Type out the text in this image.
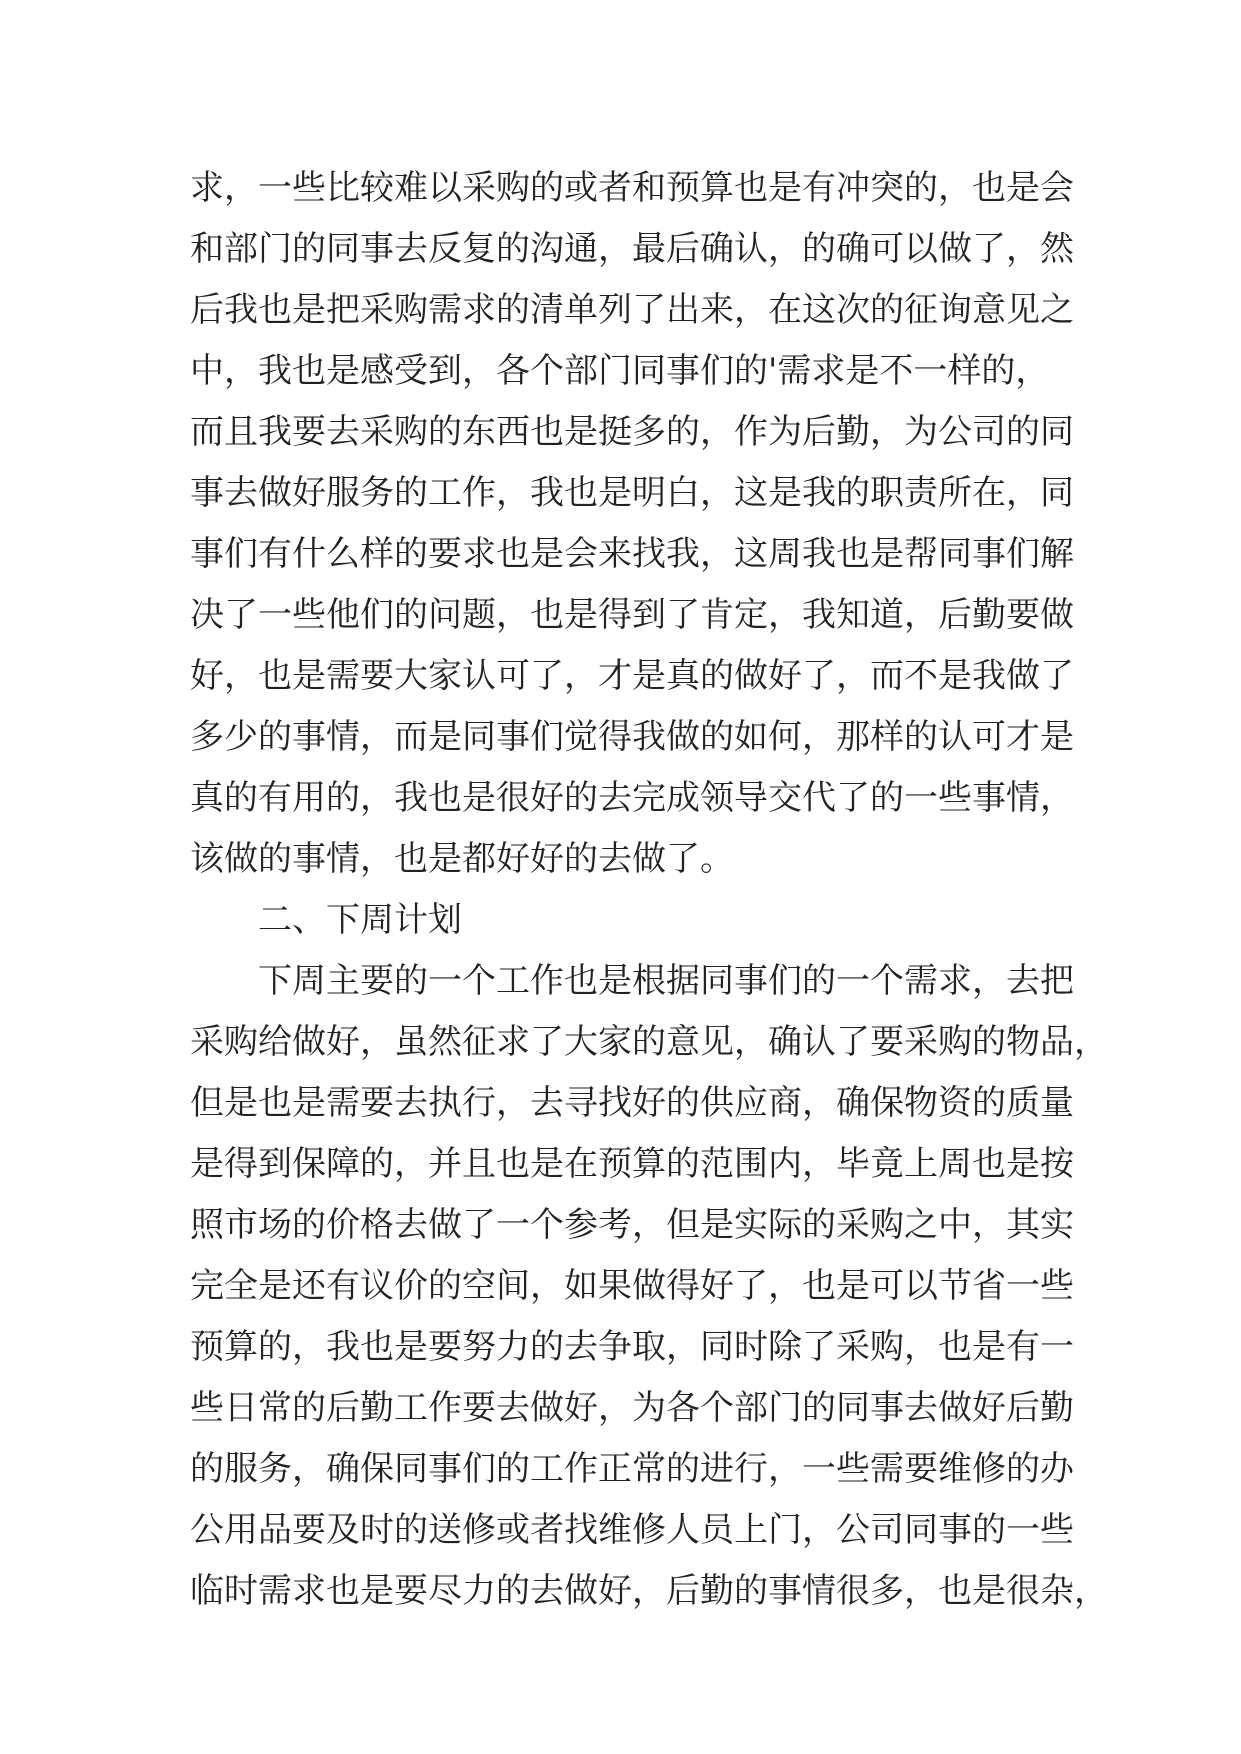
求，一些比较难以采购的或者和预算也是有冲突的，也是会
和部门的同事去反复的沟通，最后确认，的确可以做了，然
后我也是把采购需求的清单列了出来，在这次的征询意见之
中，我也是感受到，各个部门同事们的'需求是不一样的，
而且我要去采购的东西也是挺多的，作为后勤，为公司的同
事去做好服务的工作，我也是明白，这是我的职责所在，同
事们有什么样的要求也是会来找我，这周我也是帮同事们解
决了一些他们的问题，也是得到了肯定，我知道，后勤要做
好，也是需要大家认可了，才是真的做好了，而不是我做了
多少的事情，而是同事们觉得我做的如何，那样的认可才是
真的有用的，我也是很好的去完成领导交代了的一些事情，
该做的事情，也是都好好的去做了。
二、下周计划
下周主要的一个工作也是根据同事们的一个需求，去把
采购给做好，虽然征求了大家的意见，确认了要采购的物品，
但是也是需要去执行，去寻找好的供应商，确保物资的质量
是得到保障的，并且也是在预算的范围内，毕竟上周也是按
照市场的价格去做了一个参考，但是实际的采购之中，其实
完全是还有议价的空间，如果做得好了，也是可以节省一些
预算的，我也是要努力的去争取，同时除了采购，也是有一
些日常的后勤工作要去做好，为各个部门的同事去做好后勤
的服务，确保同事们的工作正常的进行，一些需要维修的办
公用品要及时的送修或者找维修人员上门，公司同事的一些
临时需求也是要尽力的去做好，后勤的事情很多，也是很杂，
